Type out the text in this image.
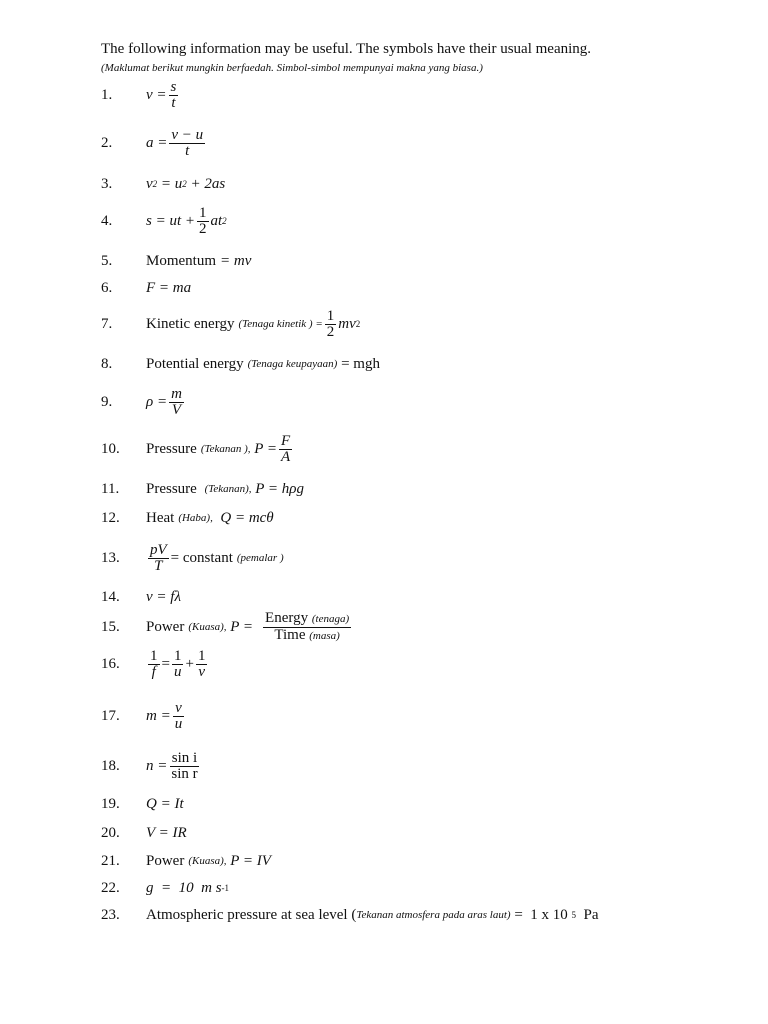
The following information may be useful. The symbols have their usual meaning.
(Maklumat berikut mungkin berfaedah. Simbol-simbol mempunyai makna yang biasa.)
1. $v = \frac{s}{t}$
2. $a = \frac{v - u}{t}$
3. v 2
= u 2
+ 2as
4. s = ut + $\frac{1}{2}$ at 2
5. Momentum = mv
6. F = ma
7. Kinetic energy (Tenaga kinetik ) = $\frac{1}{2}$ mv 2
8. Potential energy (Tenaga keupayaan)
= mgh
9. $\rho = \frac{m}{V}$
10. Pressure (Tekanan ),
$P = \frac{F}{A}$
11. Pressure
(Tekanan),
P = hρg
12. Heat (Haba),
Q = mcθ
13. $\frac{pV}{T}$ = constant (pemalar )
14. v = fλ
15. Power (Kuasa),
$P = \frac{\text{Energy (tenaga)}}{\text{Time (masa)}}$
16. $\frac{1}{f} = \frac{1}{u} + \frac{1}{v}$
17. $m = \frac{v}{u}$
18. $n = \frac{\text{sin i}}{\text{sin r}}$
19. Q = It
20. V = IR
21. Power (Kuasa),
P = IV
22. g  =  10  m s -1
23. Atmospheric pressure at sea level ( Tekanan atmosfera pada aras laut)
=  1 x 10
5
Pa
